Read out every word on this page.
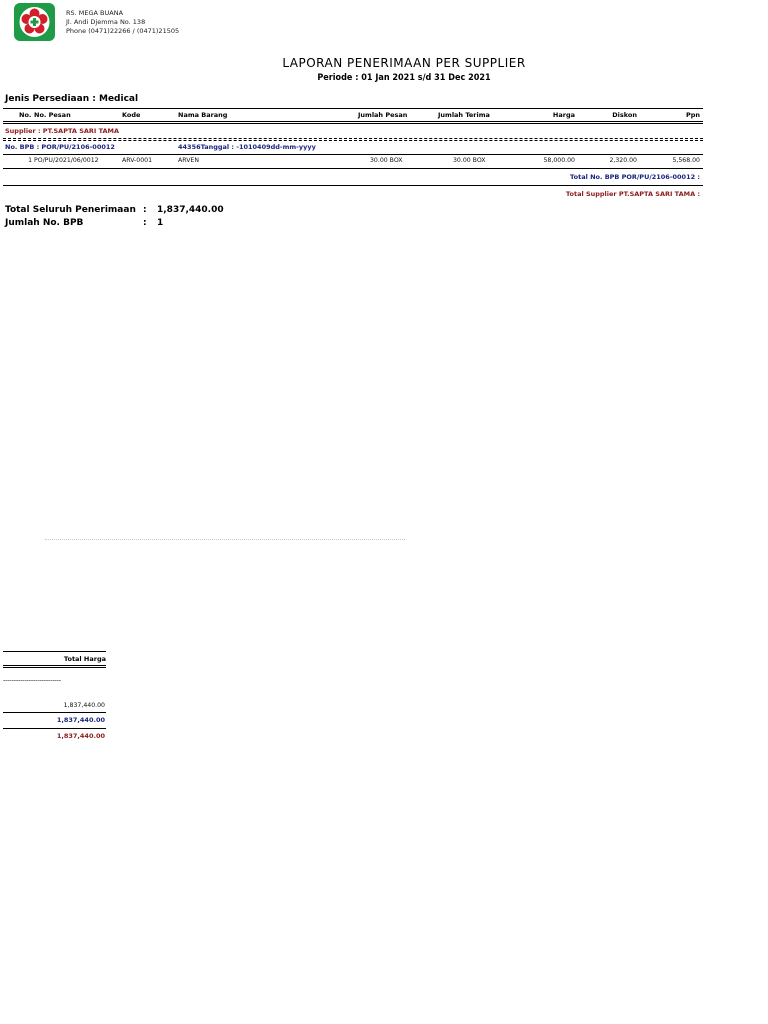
RS. MEGA BUANA
Jl. Andi Djemma No. 138
Phone (0471)22266 / (0471)21505
LAPORAN PENERIMAAN PER SUPPLIER
Periode : 01 Jan 2021 s/d 31 Dec 2021
Jenis Persediaan : Medical
No. No. Pesan	Kode	Nama Barang	Jumlah Pesan	Jumlah Terima	Harga	Diskon	Ppn
Supplier : PT.SAPTA SARI TAMA
No. BPB : POR/PU/2106-00012	44356Tanggal : -1010409dd-mm-yyyy
1 PO/PU/2021/06/0012	ARV-0001	ARVEN	30.00 BOX	30.00 BOX	58,000.00	2,320.00	5,568.00
Total No. BPB POR/PU/2106-00012 :
Total Supplier PT.SAPTA SARI TAMA :
Total Seluruh Penerimaan : 1,837,440.00
Jumlah No. BPB	: 1
Total Harga
---------------------------
1,837,440.00
1,837,440.00
1,837,440.00
